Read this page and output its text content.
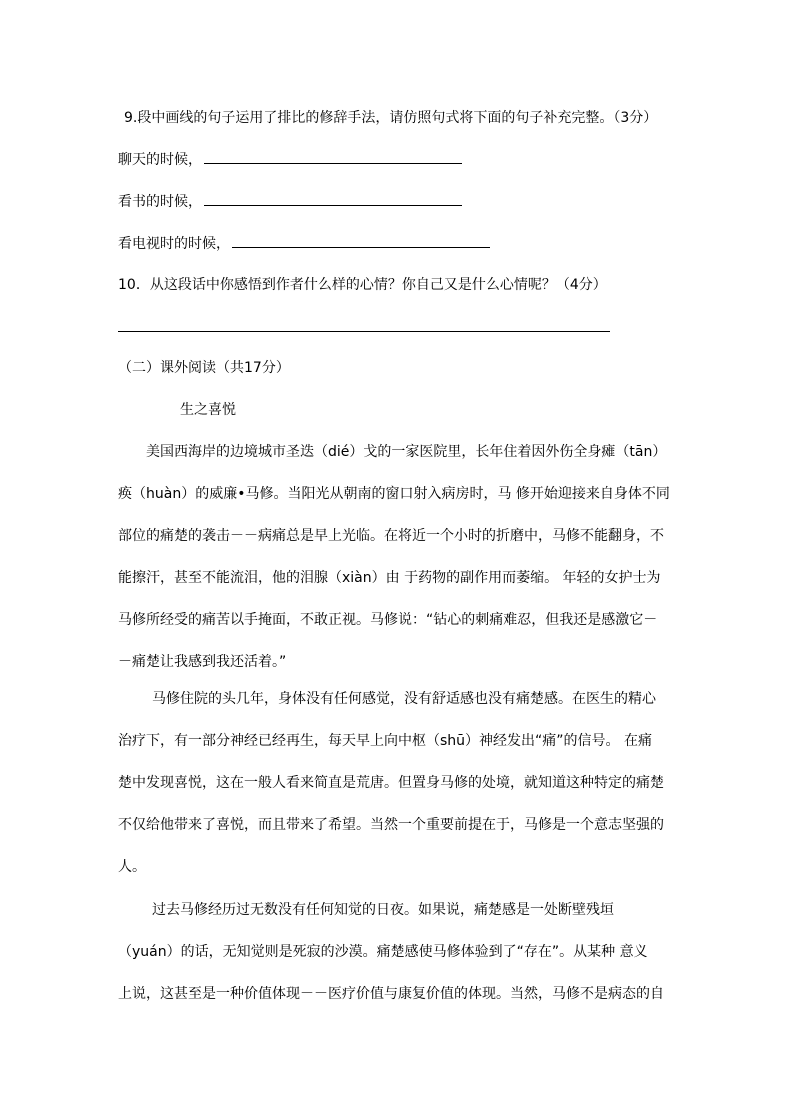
9.段中画线的句子运用了排比的修辞手法，请仿照句式将下面的句子补充完整。（3分）
聊天的时候，
看书的时候，
看电视时的时候，
10．从这段话中你感悟到作者什么样的心情？你自己又是什么心情呢？（4分）
（二）课外阅读（共17分）
生之喜悦
美国西海岸的边境城市圣迭（dié）戈的一家医院里，长年住着因外伤全身瘫（tān）
痪（huàn）的威廉•马修。当阳光从朝南的窗口射入病房时，马 修开始迎接来自身体不同
部位的痛楚的袭击－－病痛总是早上光临。在将近一个小时的折磨中，马修不能翻身，不
能擦汗，甚至不能流泪，他的泪腺（xiàn）由 于药物的副作用而萎缩。 年轻的女护士为
马修所经受的痛苦以手掩面，不敢正视。马修说：“钻心的刺痛难忍，但我还是感激它－
－痛楚让我感到我还活着。”
马修住院的头几年，身体没有任何感觉，没有舒适感也没有痛楚感。在医生的精心
治疗下，有一部分神经已经再生，每天早上向中枢（shū）神经发出“痛”的信号。 在痛
楚中发现喜悦，这在一般人看来简直是荒唐。但置身马修的处境，就知道这种特定的痛楚
不仅给他带来了喜悦，而且带来了希望。当然一个重要前提在于，马修是一个意志坚强的
人。
过去马修经历过无数没有任何知觉的日夜。如果说，痛楚感是一处断壁残垣
（yuán）的话，无知觉则是死寂的沙漠。痛楚感使马修体验到了“存在”。从某种 意义
上说，这甚至是一种价值体现－－医疗价值与康复价值的体现。当然，马修不是病态的自
